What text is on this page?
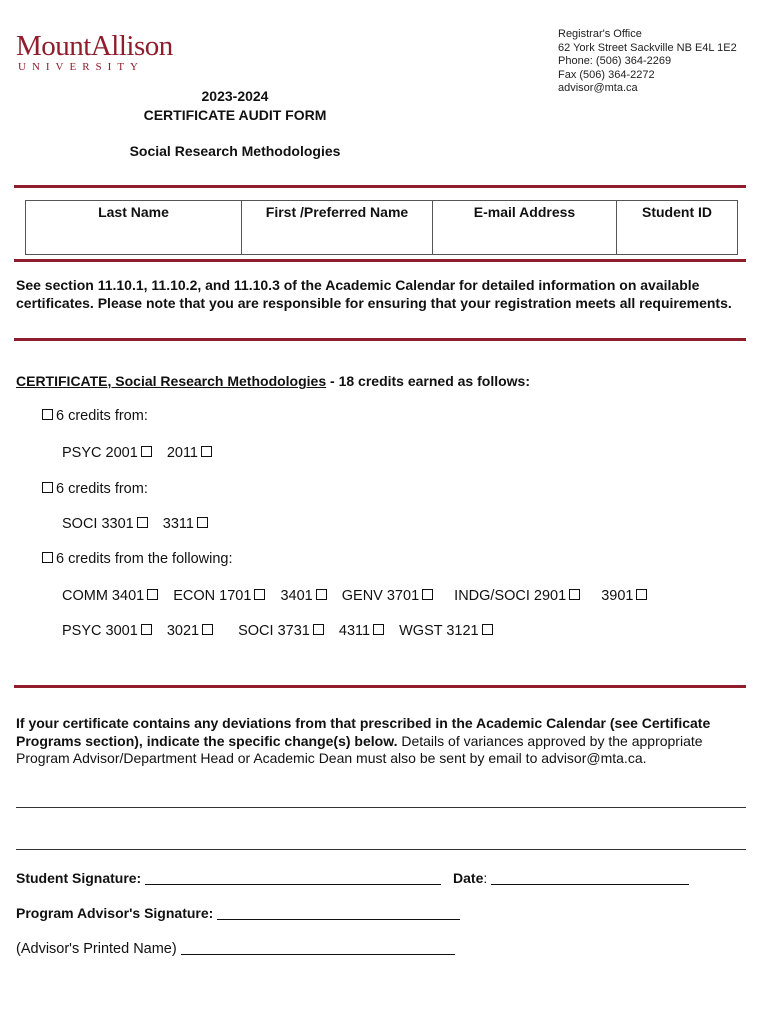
MountAllison
UNIVERSITY
Registrar's Office
62 York Street Sackville NB E4L 1E2
Phone: (506) 364-2269
Fax (506) 364-2272
advisor@mta.ca
2023-2024
CERTIFICATE AUDIT FORM
Social Research Methodologies
Last Name	First /Preferred Name	E-mail Address	Student ID
See section 11.10.1, 11.10.2, and 11.10.3 of the Academic Calendar for detailed information on available certificates. Please note that you are responsible for ensuring that your registration meets all requirements.
CERTIFICATE, Social Research Methodologies - 18 credits earned as follows:
6 credits from:
PSYC 2001 2011
6 credits from:
SOCI 3301 3311
6 credits from the following:
COMM 3401 ECON 1701 3401 GENV 3701 INDG/SOCI 2901 3901
PSYC 3001 3021	SOCI 3731 4311 WGST 3121
If your certificate contains any deviations from that prescribed in the Academic Calendar (see Certificate Programs section), indicate the specific change(s) below. Details of variances approved by the appropriate Program Advisor/Department Head or Academic Dean must also be sent by email to advisor@mta.ca.
Student Signature:	Date:
Program Advisor's Signature:
(Advisor's Printed Name)
